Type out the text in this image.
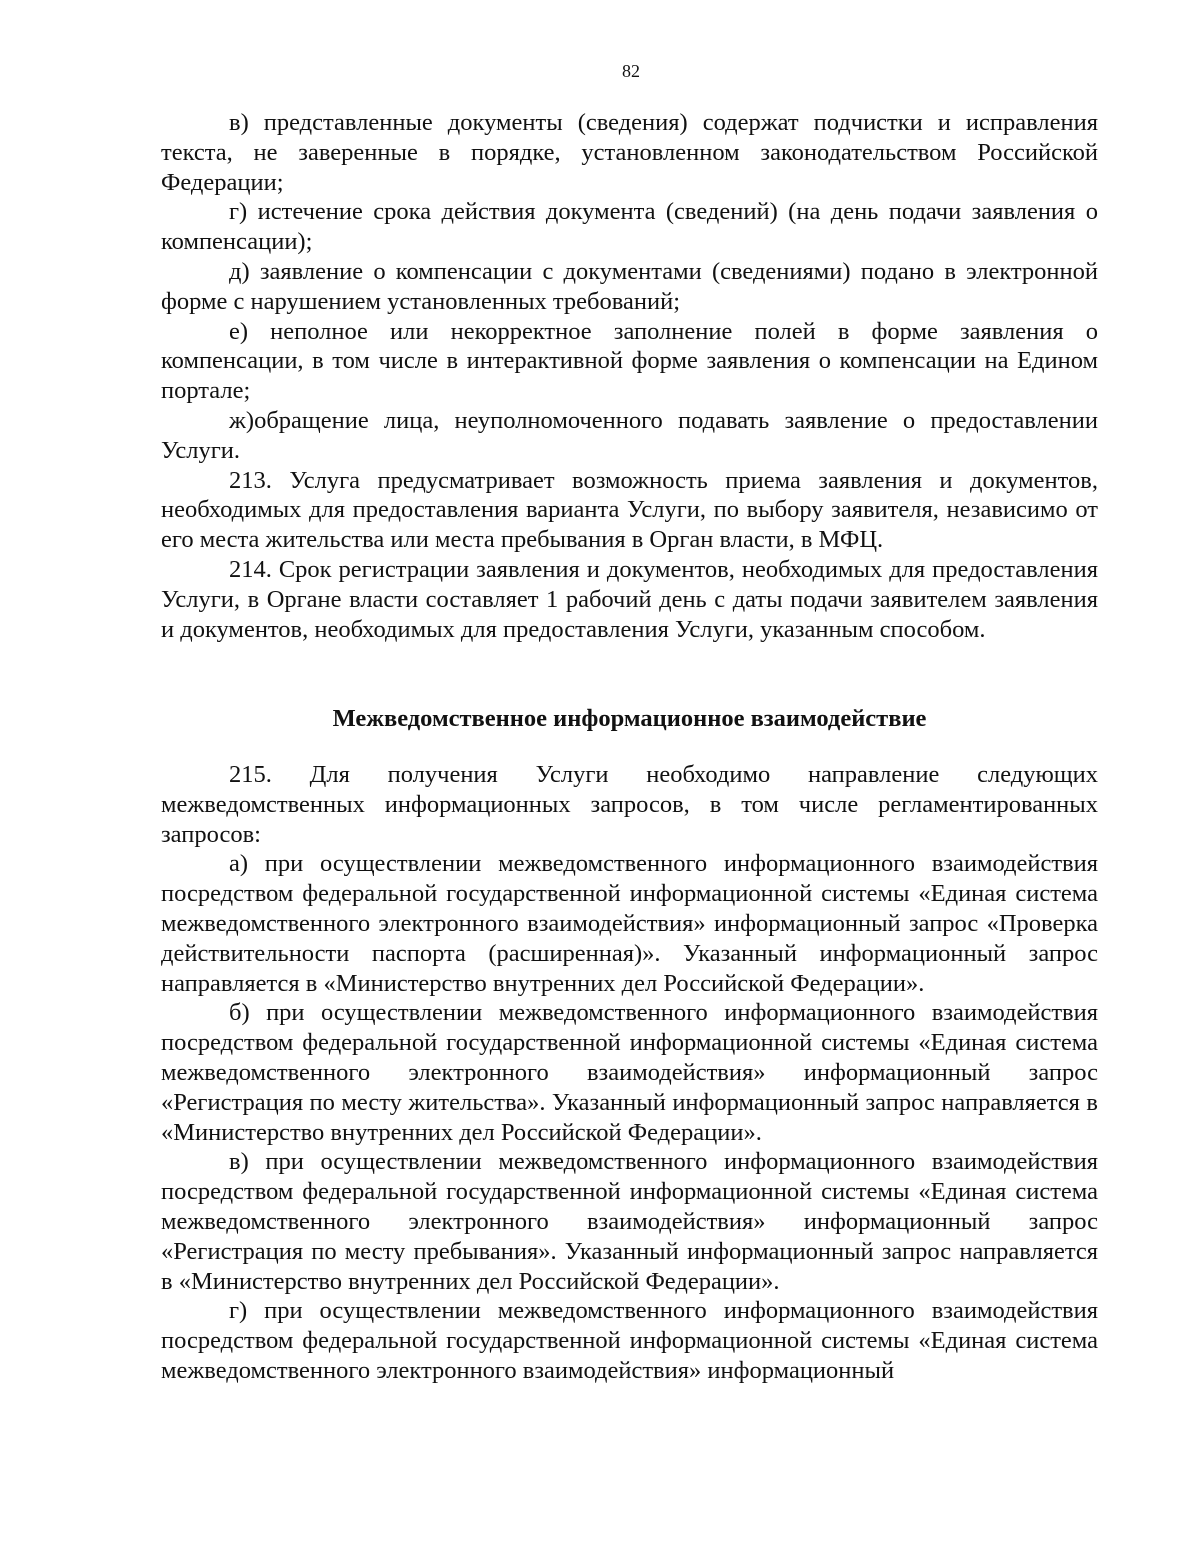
82

в) представленные документы (сведения) содержат подчистки и исправления текста, не заверенные в порядке, установленном законодательством Российской Федерации;

г) истечение срока действия документа (сведений) (на день подачи заявления о компенсации);

д) заявление о компенсации с документами (сведениями) подано в электронной форме с нарушением установленных требований;

е) неполное или некорректное заполнение полей в форме заявления о компенсации, в том числе в интерактивной форме заявления о компенсации на Едином портале;

ж)обращение лица, неуполномоченного подавать заявление о предоставлении Услуги.

213. Услуга предусматривает возможность приема заявления и документов, необходимых для предоставления варианта Услуги, по выбору заявителя, независимо от его места жительства или места пребывания в Орган власти, в МФЦ.

214. Срок регистрации заявления и документов, необходимых для предоставления Услуги, в Органе власти составляет 1 рабочий день с даты подачи заявителем заявления и документов, необходимых для предоставления Услуги, указанным способом.

Межведомственное информационное взаимодействие

215. Для получения Услуги необходимо направление следующих межведомственных информационных запросов, в том числе регламентированных запросов:

а) при осуществлении межведомственного информационного взаимодействия посредством федеральной государственной информационной системы «Единая система межведомственного электронного взаимодействия» информационный запрос «Проверка действительности паспорта (расширенная)». Указанный информационный запрос направляется в «Министерство внутренних дел Российской Федерации».

б) при осуществлении межведомственного информационного взаимодействия посредством федеральной государственной информационной системы «Единая система межведомственного электронного взаимодействия» информационный запрос «Регистрация по месту жительства». Указанный информационный запрос направляется в «Министерство внутренних дел Российской Федерации».

в) при осуществлении межведомственного информационного взаимодействия посредством федеральной государственной информационной системы «Единая система межведомственного электронного взаимодействия» информационный запрос «Регистрация по месту пребывания». Указанный информационный запрос направляется в «Министерство внутренних дел Российской Федерации».

г) при осуществлении межведомственного информационного взаимодействия посредством федеральной государственной информационной системы «Единая система межведомственного электронного взаимодействия» информационный
